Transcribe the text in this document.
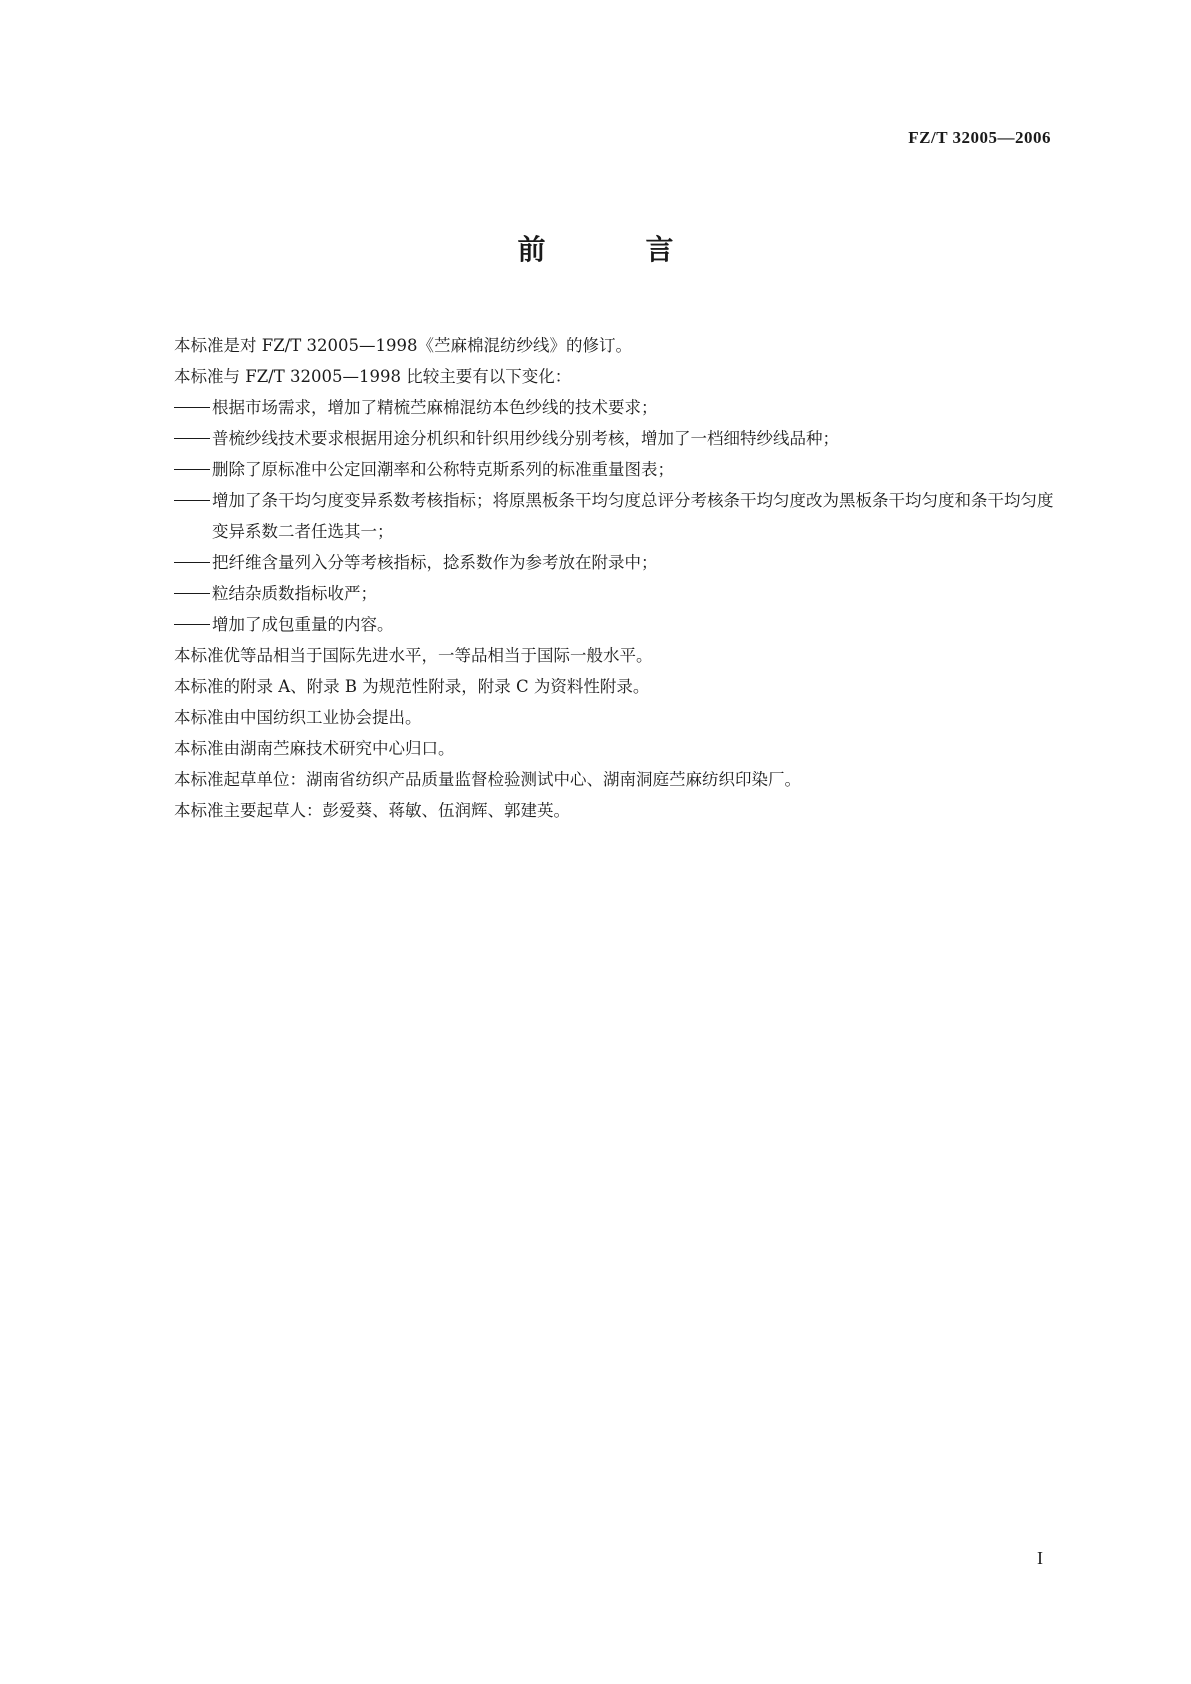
FZ/T 32005—2006
前　言
本标准是对 FZ/T 32005—1998《苎麻棉混纺纱线》的修订。
本标准与 FZ/T 32005—1998 比较主要有以下变化：
根据市场需求，增加了精梳苎麻棉混纺本色纱线的技术要求；
普梳纱线技术要求根据用途分机织和针织用纱线分别考核，增加了一档细特纱线品种；
删除了原标准中公定回潮率和公称特克斯系列的标准重量图表；
增加了条干均匀度变异系数考核指标；将原黑板条干均匀度总评分考核条干均匀度改为黑板条干均匀度和条干均匀度变异系数二者任选其一；
把纤维含量列入分等考核指标，捻系数作为参考放在附录中；
粒结杂质数指标收严；
增加了成包重量的内容。
本标准优等品相当于国际先进水平，一等品相当于国际一般水平。
本标准的附录 A、附录 B 为规范性附录，附录 C 为资料性附录。
本标准由中国纺织工业协会提出。
本标准由湖南苎麻技术研究中心归口。
本标准起草单位：湖南省纺织产品质量监督检验测试中心、湖南洞庭苎麻纺织印染厂。
本标准主要起草人：彭爱葵、蒋敏、伍润辉、郭建英。
I
